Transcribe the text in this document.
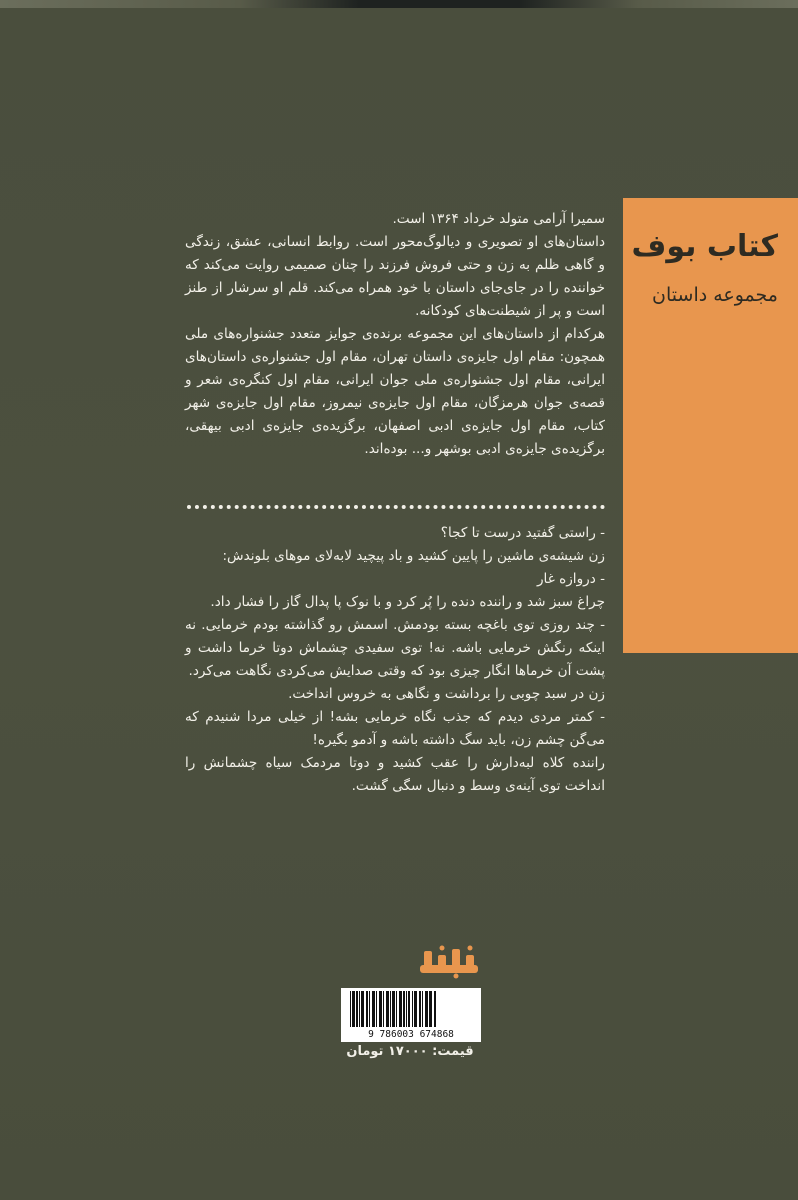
کتاب بوف
مجموعه داستان

سمیرا آرامی متولد خرداد ۱۳۶۴ است.

داستان‌های او تصویری و دیالوگ‌محور است. روابط انسانی، عشق، زندگی و گاهی ظلم به زن و حتی فروش فرزند را چنان صمیمی روایت می‌کند که خواننده را در جای‌جای داستان با خود همراه می‌کند. قلم او سرشار از طنز است و پر از شیطنت‌های کودکانه.

هرکدام از داستان‌های این مجموعه برنده‌ی جوایز متعدد جشنواره‌های ملی همچون: مقام اول جایزه‌ی داستان تهران، مقام اول جشنواره‌ی داستان‌های ایرانی، مقام اول جشنواره‌ی ملی جوان ایرانی، مقام اول کنگره‌ی شعر و قصه‌ی جوان هرمزگان، مقام اول جایزه‌ی نیمروز، مقام اول جایزه‌ی شهر کتاب، مقام اول جایزه‌ی ادبی اصفهان، برگزیده‌ی جایزه‌ی ادبی بیهقی، برگزیده‌ی جایزه‌ی ادبی بوشهر و... بوده‌اند.

- راستی گفتید درست تا کجا؟

زن شیشه‌ی ماشین را پایین کشید و باد پیچید لابه‌لای موهای بلوندش:

- دروازه غار

چراغ سبز شد و راننده دنده را پُر کرد و با نوک پا پدال گاز را فشار داد.

- چند روزی توی باغچه بسته بودمش. اسمش رو گذاشته بودم خرمایی. نه اینکه رنگش خرمایی باشه. نه! توی سفیدی چشماش دوتا خرما داشت و پشت آن خرماها انگار چیزی بود که وقتی صدایش می‌کردی نگاهت می‌کرد.

زن در سبد چوبی را برداشت و نگاهی به خروس انداخت.

- کمتر مردی دیدم که جذب نگاه خرمایی بشه! از خیلی مردا شنیدم که می‌گن چشم زن، باید سگ داشته باشه و آدمو بگیره!

راننده کلاه لبه‌دارش را عقب کشید و دوتا مردمک سیاه چشمانش را انداخت توی آینه‌ی وسط و دنبال سگی گشت.

9 786003 674868
قیمت: ۱۷۰۰۰ تومان
